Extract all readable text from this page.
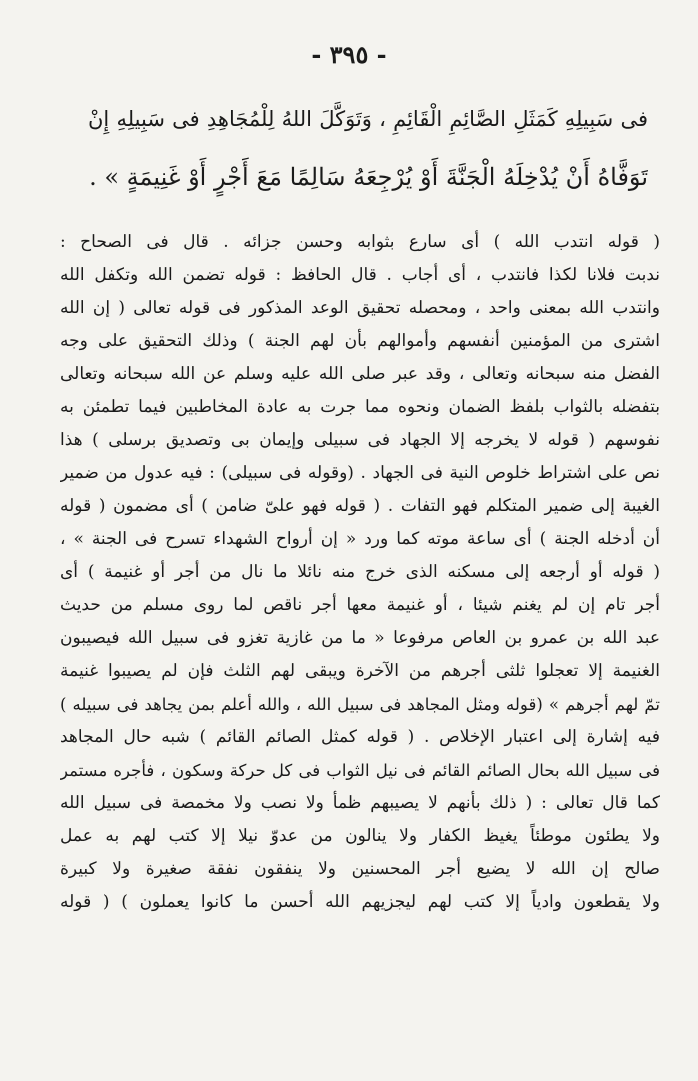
- ٣٩٥ -
فى سَبِيلِهِ كَمَثَلِ الصَّائِمِ الْقَائِمِ ، وَتَوَكَّلَ اللهُ لِلْمُجَاهِدِ فى سَبِيلِهِ إِنْ
تَوَفَّاهُ أَنْ يُدْخِلَهُ الْجَنَّةَ أَوْ يُرْجِعَهُ سَالِمًا مَعَ أَجْرٍ أَوْ غَنِيمَةٍ » .
( قوله انتدب الله ) أى سارع بثوابه وحسن جزائه . قال فى الصحاح :
ندبت فلانا لكذا فانتدب ، أى أجاب . قال الحافظ : قوله تضمن الله وتكفل الله
وانتدب الله بمعنى واحد ، ومحصله تحقيق الوعد المذكور فى قوله تعالى ( إن الله
اشترى من المؤمنين أنفسهم وأموالهم بأن لهم الجنة ) وذلك التحقيق على وجه
الفضل منه سبحانه وتعالى ، وقد عبر صلى الله عليه وسلم عن الله سبحانه وتعالى
بتفضله بالثواب بلفظ الضمان ونحوه مما جرت به عادة المخاطبين فيما تطمئن به
نفوسهم ( قوله لا يخرجه إلا الجهاد فى سبيلى وإيمان بى وتصديق برسلى ) هذا
نص على اشتراط خلوص النية فى الجهاد . (وقوله فى سبيلى) : فيه عدول من ضمير
الغيبة إلى ضمير المتكلم فهو التفات . ( قوله فهو علىّ ضامن ) أى مضمون ( قوله
أن أدخله الجنة ) أى ساعة موته كما ورد « إن أرواح الشهداء تسرح فى الجنة » ،
( قوله أو أرجعه إلى مسكنه الذى خرج منه نائلا ما نال من أجر أو غنيمة ) أى
أجر تام إن لم يغنم شيئا ، أو غنيمة معها أجر ناقص لما روى مسلم من حديث
عبد الله بن عمرو بن العاص مرفوعا « ما من غازية تغزو فى سبيل الله فيصيبون
الغنيمة إلا تعجلوا ثلثى أجرهم من الآخرة ويبقى لهم الثلث فإن لم يصيبوا غنيمة
تمّ لهم أجرهم » (قوله ومثل المجاهد فى سبيل الله ، والله أعلم بمن يجاهد فى سبيله )
فيه إشارة إلى اعتبار الإخلاص . ( قوله كمثل الصائم القائم ) شبه حال المجاهد
فى سبيل الله بحال الصائم القائم فى نيل الثواب فى كل حركة وسكون ، فأجره مستمر
كما قال تعالى : ( ذلك بأنهم لا يصيبهم ظمأ ولا نصب ولا مخمصة فى سبيل الله
ولا يطئون موطئاً يغيظ الكفار ولا ينالون من عدوّ نيلا إلا كتب لهم به عمل
صالح إن الله لا يضيع أجر المحسنين ولا ينفقون نفقة صغيرة ولا كبيرة
ولا يقطعون وادياً إلا كتب لهم ليجزيهم الله أحسن ما كانوا يعملون ) ( قوله
